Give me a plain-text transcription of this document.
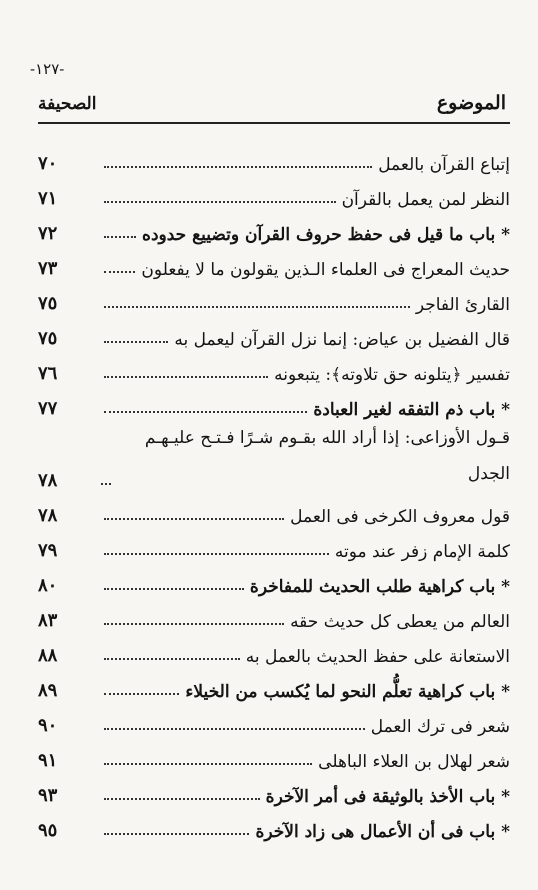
-١٢٧-
الموضوع
الصحيفة
إتباع القرآن بالعمل
٧٠
النظر لمن يعمل بالقرآن
٧١
* باب ما قيل فى حفظ حروف القرآن وتضييع حدوده
٧٢
حديث المعراج فى العلماء الـذين يقولون ما لا يفعلون
٧٣
القارئ الفاجر
٧٥
قال الفضيل بن عياض: إنما نزل القرآن ليعمل به
٧٥
تفسير ﴿يتلونه حق تلاوته﴾: يتبعونه
٧٦
* باب ذم التفقه لغير العبادة
٧٧
قـول الأوزاعى: إذا أراد الله بقـوم شـرًا فـتـح عليـهـم الجدل
٧٨
قول معروف الكرخى فى العمل
٧٨
كلمة الإمام زفر عند موته
٧٩
* باب كراهية طلب الحديث للمفاخرة
٨٠
العالم من يعطى كل حديث حقه
٨٣
الاستعانة على حفظ الحديث بالعمل به
٨٨
* باب كراهية تعلُّم النحو لما يُكسب من الخيلاء
٨٩
شعر فى ترك العمل
٩٠
شعر لهلال بن العلاء الباهلى
٩١
* باب الأخذ بالوثيقة فى أمر الآخرة
٩٣
* باب فى أن الأعمال هى زاد الآخرة
٩٥
